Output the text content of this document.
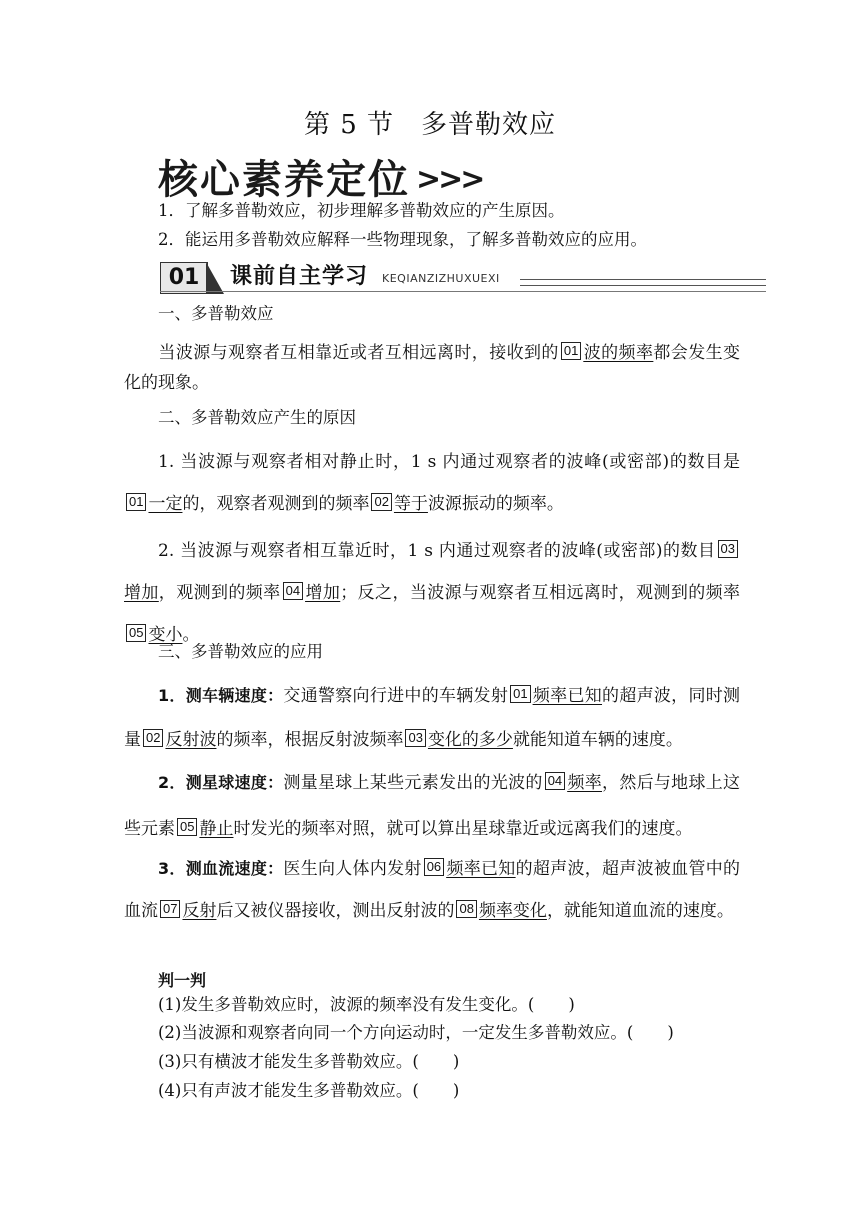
第 5 节　多普勒效应
核心素养定位 >>>
1．了解多普勒效应，初步理解多普勒效应的产生原因。
2．能运用多普勒效应解释一些物理现象，了解多普勒效应的应用。
01	课前自主学习 KEQIANZIZHUXUEXI
一、多普勒效应
当波源与观察者互相靠近或者互相远离时，接收到的 01 波的频率都会发生变化的现象。
二、多普勒效应产生的原因
1. 当波源与观察者相对静止时，1 s 内通过观察者的波峰(或密部)的数目是01 一定的，观察者观测到的频率 02 等于波源振动的频率。
2. 当波源与观察者相互靠近时，1 s 内通过观察者的波峰(或密部)的数目 03增加，观测到的频率 04 增加；反之，当波源与观察者互相远离时，观测到的频率05 变小。
三、多普勒效应的应用
1．测车辆速度：交通警察向行进中的车辆发射 01 频率已知的超声波，同时测量 02 反射波的频率，根据反射波频率 03 变化的多少就能知道车辆的速度。
2．测星球速度：测量星球上某些元素发出的光波的 04 频率，然后与地球上这些元素 05 静止时发光的频率对照，就可以算出星球靠近或远离我们的速度。
3．测血流速度：医生向人体内发射 06 频率已知的超声波，超声波被血管中的血流 07 反射后又被仪器接收，测出反射波的 08 频率变化，就能知道血流的速度。
判一判
(1)发生多普勒效应时，波源的频率没有发生变化。( )
(2)当波源和观察者向同一个方向运动时，一定发生多普勒效应。( )
(3)只有横波才能发生多普勒效应。( )
(4)只有声波才能发生多普勒效应。( )
